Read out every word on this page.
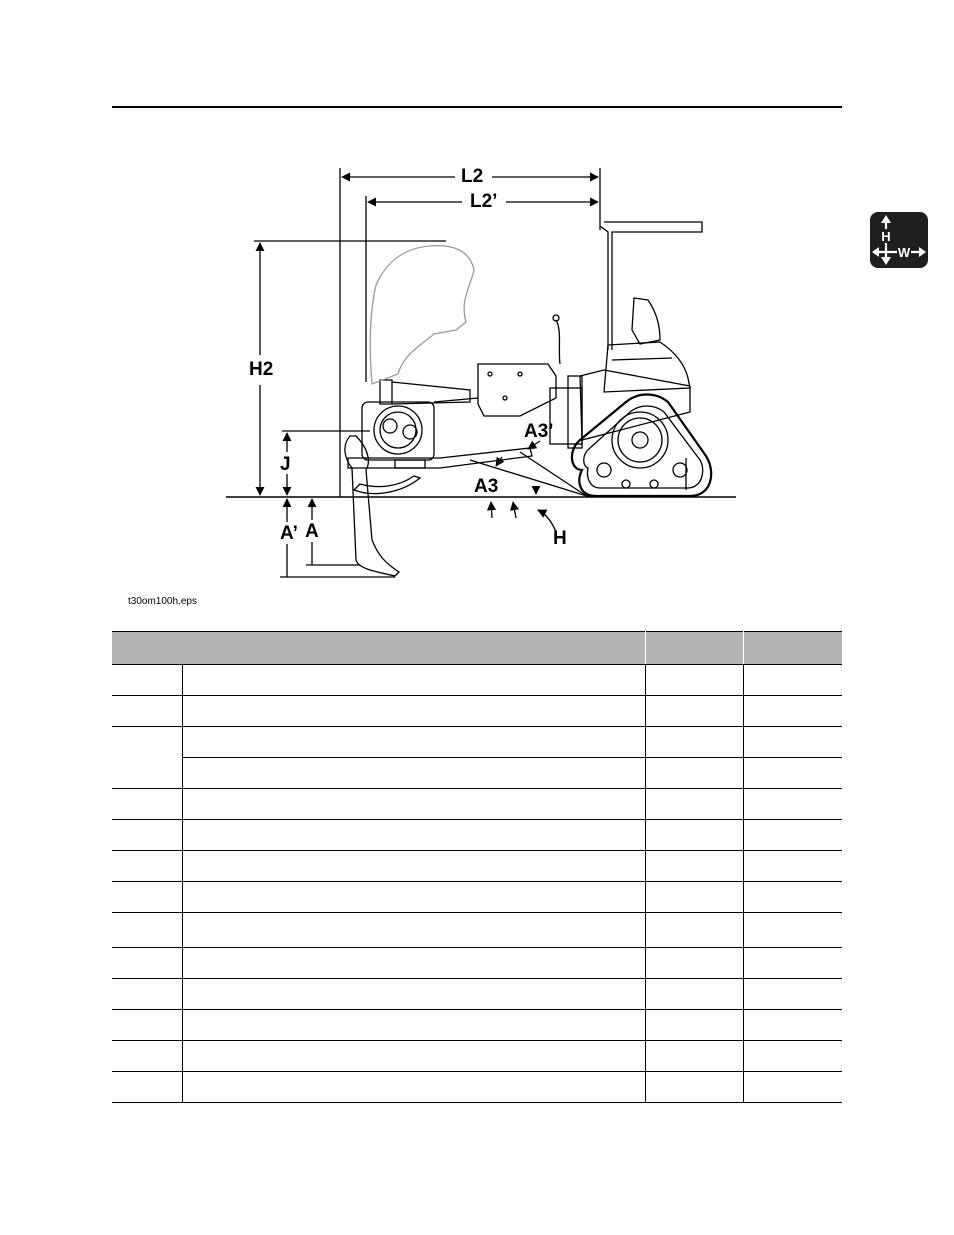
H
W
L2
L2’
H2
J
A’ A
A3
A3’
H
t30om100h.eps
